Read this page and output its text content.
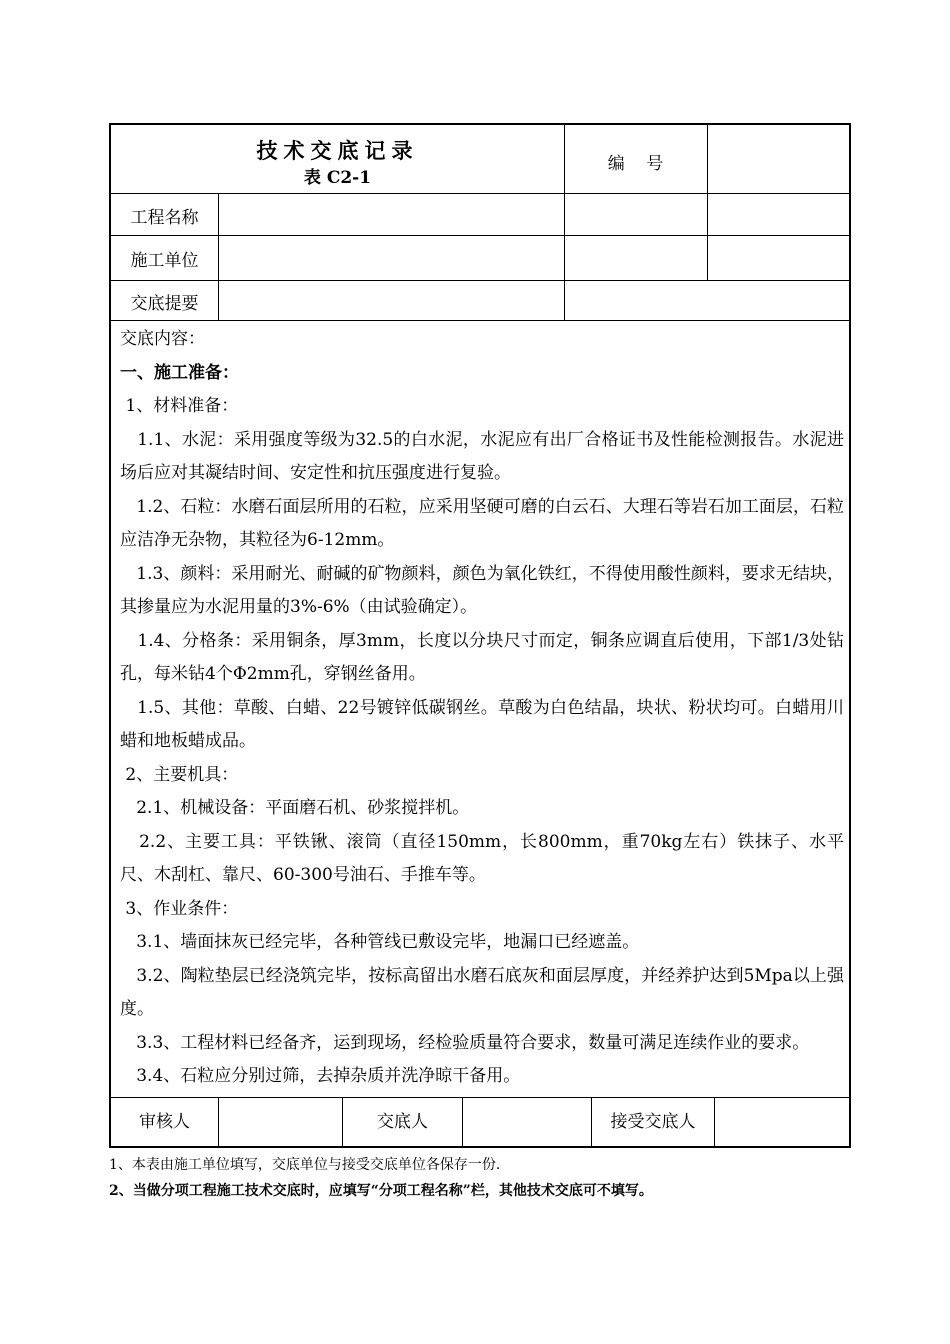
技术交底记录
表 C2-1
编    号
工程名称
施工单位
交底提要

交底内容：

一、施工准备：

1、材料准备：

1.1、水泥：采用强度等级为32.5的白水泥，水泥应有出厂合格证书及性能检测报告。水泥进场后应对其凝结时间、安定性和抗压强度进行复验。

1.2、石粒：水磨石面层所用的石粒，应采用坚硬可磨的白云石、大理石等岩石加工面层，石粒应洁净无杂物，其粒径为6-12mm。

1.3、颜料：采用耐光、耐碱的矿物颜料，颜色为氧化铁红，不得使用酸性颜料，要求无结块，其掺量应为水泥用量的3%-6%（由试验确定）。

1.4、分格条：采用铜条，厚3mm，长度以分块尺寸而定，铜条应调直后使用，下部1/3处钻孔，每米钻4个Φ2mm孔，穿钢丝备用。

1.5、其他：草酸、白蜡、22号镀锌低碳钢丝。草酸为白色结晶，块状、粉状均可。白蜡用川蜡和地板蜡成品。

2、主要机具：

2.1、机械设备：平面磨石机、砂浆搅拌机。

2.2、主要工具：平铁锹、滚筒（直径150mm，长800mm，重70kg左右）铁抹子、水平尺、木刮杠、靠尺、60-300号油石、手推车等。

3、作业条件：

3.1、墙面抹灰已经完毕，各种管线已敷设完毕，地漏口已经遮盖。

3.2、陶粒垫层已经浇筑完毕，按标高留出水磨石底灰和面层厚度，并经养护达到5Mpa以上强度。

3.3、工程材料已经备齐，运到现场，经检验质量符合要求，数量可满足连续作业的要求。

3.4、石粒应分别过筛，去掉杂质并洗净晾干备用。

审核人	交底人	接受交底人
1、本表由施工单位填写，交底单位与接受交底单位各保存一份.
2、当做分项工程施工技术交底时，应填写“分项工程名称”栏，其他技术交底可不填写。
